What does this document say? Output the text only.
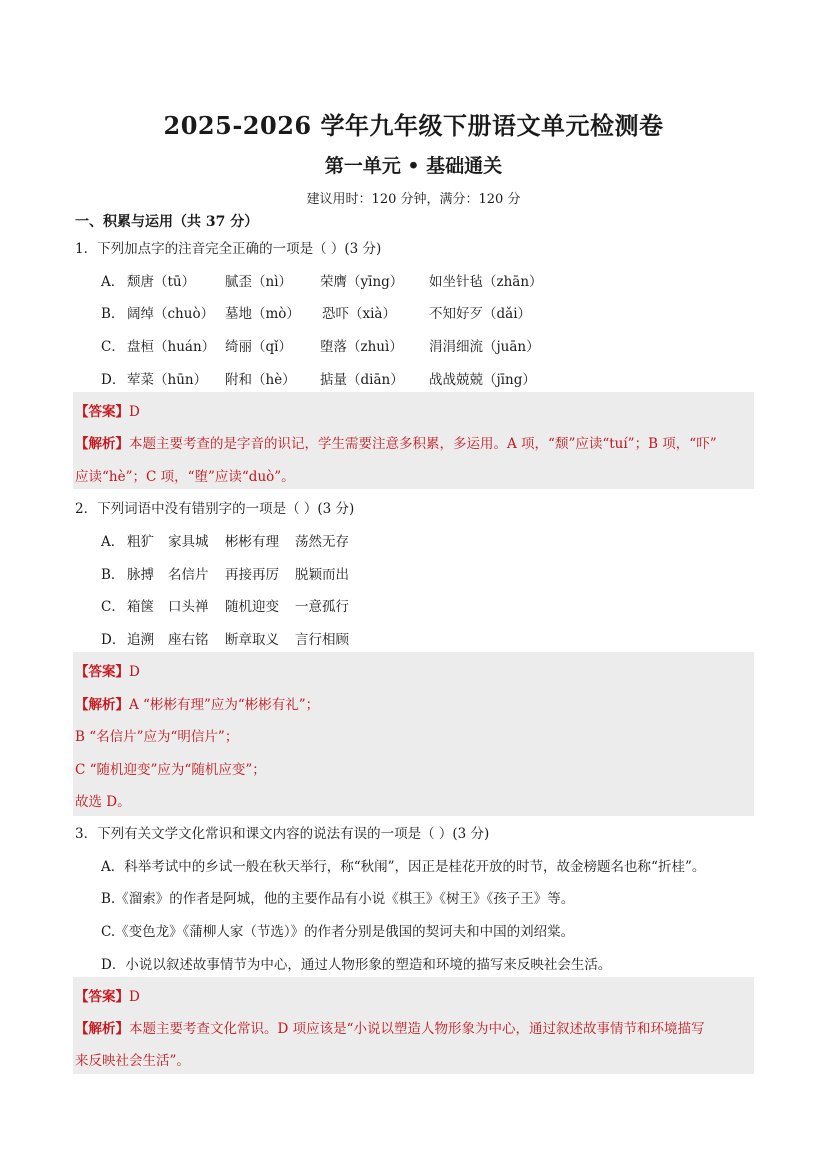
2025-2026 学年九年级下册语文单元检测卷
第一单元 • 基础通关
建议用时：120 分钟，满分：120 分
一、积累与运用（共 37 分）
1．下列加点字的注音完全正确的一项是（ ）(3 分)
A． 颓唐（tū） 腻歪（nì） 荣膺（yīng） 如坐针毡（zhān）
B． 阔绰（chuò） 墓地（mò） 恐吓（xià） 不知好歹（dǎi）
C． 盘桓（huán） 绮丽（qǐ） 堕落（zhuì） 涓涓细流（juān）
D． 荤菜（hūn） 附和（hè） 掂量（diān） 战战兢兢（jīng）
【答案】D
【解析】本题主要考查的是字音的识记，学生需要注意多积累，多运用。A 项，“颓”应读“tuí”；B 项，“吓”
应读“hè”；C 项，“堕”应读“duò”。
2．下列词语中没有错别字的一项是（ ）(3 分)
A． 粗犷 家具城 彬彬有理 荡然无存
B． 脉搏 名信片 再接再厉 脱颖而出
C． 箱箧 口头禅 随机迎变 一意孤行
D． 追溯 座右铭 断章取义 言行相顾
【答案】D
【解析】A “彬彬有理”应为“彬彬有礼”；
B “名信片”应为“明信片”；
C “随机迎变”应为“随机应变”；
故选 D。
3．下列有关文学文化常识和课文内容的说法有误的一项是（ ）(3 分)
A．科举考试中的乡试一般在秋天举行，称“秋闱”，因正是桂花开放的时节，故金榜题名也称“折桂”。
B.《溜索》的作者是阿城，他的主要作品有小说《棋王》《树王》《孩子王》等。
C.《变色龙》《蒲柳人家（节选）》的作者分别是俄国的契诃夫和中国的刘绍棠。
D．小说以叙述故事情节为中心，通过人物形象的塑造和环境的描写来反映社会生活。
【答案】D
【解析】本题主要考查文化常识。D 项应该是“小说以塑造人物形象为中心，通过叙述故事情节和环境描写
来反映社会生活”。
